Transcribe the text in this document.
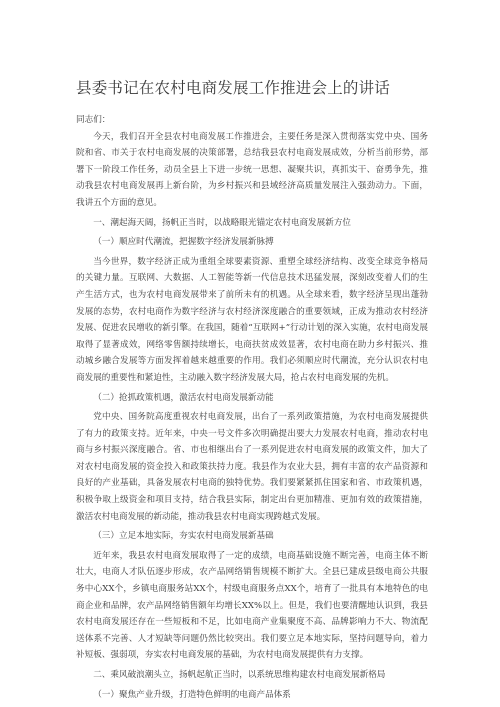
县委书记在农村电商发展工作推进会上的讲话

同志们：

今天，我们召开全县农村电商发展工作推进会，主要任务是深入贯彻落实党中央、国务院和省、市关于农村电商发展的决策部署，总结我县农村电商发展成效，分析当前形势，部署下一阶段工作任务，动员全县上下进一步统一思想、凝聚共识，真抓实干、奋勇争先，推动我县农村电商发展再上新台阶，为乡村振兴和县域经济高质量发展注入强劲动力。下面，我讲五个方面的意见。

一、潮起海天阔，扬帆正当时，以战略眼光锚定农村电商发展新方位

（一）顺应时代潮流，把握数字经济发展新脉搏

当今世界，数字经济正成为重组全球要素资源、重塑全球经济结构、改变全球竞争格局的关键力量。互联网、大数据、人工智能等新一代信息技术迅猛发展，深刻改变着人们的生产生活方式，也为农村电商发展带来了前所未有的机遇。从全球来看，数字经济呈现出蓬勃发展的态势，农村电商作为数字经济与农村经济深度融合的重要领域，正成为推动农村经济发展、促进农民增收的新引擎。在我国，随着“互联网+”行动计划的深入实施，农村电商发展取得了显著成效，网络零售额持续增长，电商扶贫成效显著，农村电商在助力乡村振兴、推动城乡融合发展等方面发挥着越来越重要的作用。我们必须顺应时代潮流，充分认识农村电商发展的重要性和紧迫性，主动融入数字经济发展大局，抢占农村电商发展的先机。

（二）抢抓政策机遇，激活农村电商发展新动能

党中央、国务院高度重视农村电商发展，出台了一系列政策措施，为农村电商发展提供了有力的政策支持。近年来，中央一号文件多次明确提出要大力发展农村电商，推动农村电商与乡村振兴深度融合。省、市也相继出台了一系列促进农村电商发展的政策文件，加大了对农村电商发展的资金投入和政策扶持力度。我县作为农业大县，拥有丰富的农产品资源和良好的产业基础，具备发展农村电商的独特优势。我们要紧紧抓住国家和省、市政策机遇，积极争取上级资金和项目支持，结合我县实际，制定出台更加精准、更加有效的政策措施，激活农村电商发展的新动能，推动我县农村电商实现跨越式发展。

（三）立足本地实际，夯实农村电商发展新基础

近年来，我县农村电商发展取得了一定的成绩，电商基础设施不断完善，电商主体不断壮大，电商人才队伍逐步形成，农产品网络销售规模不断扩大。全县已建成县级电商公共服务中心XX个，乡镇电商服务站XX个，村级电商服务点XX个，培育了一批具有本地特色的电商企业和品牌，农产品网络销售额年均增长XX%以上。但是，我们也要清醒地认识到，我县农村电商发展还存在一些短板和不足，比如电商产业集聚度不高、品牌影响力不大、物流配送体系不完善、人才短缺等问题仍然比较突出。我们要立足本地实际，坚持问题导向，着力补短板、强弱项，夯实农村电商发展的基础，为农村电商发展提供有力支撑。

二、乘风破浪潮头立，扬帆起航正当时，以系统思维构建农村电商发展新格局

（一）聚焦产业升级，打造特色鲜明的电商产品体系
